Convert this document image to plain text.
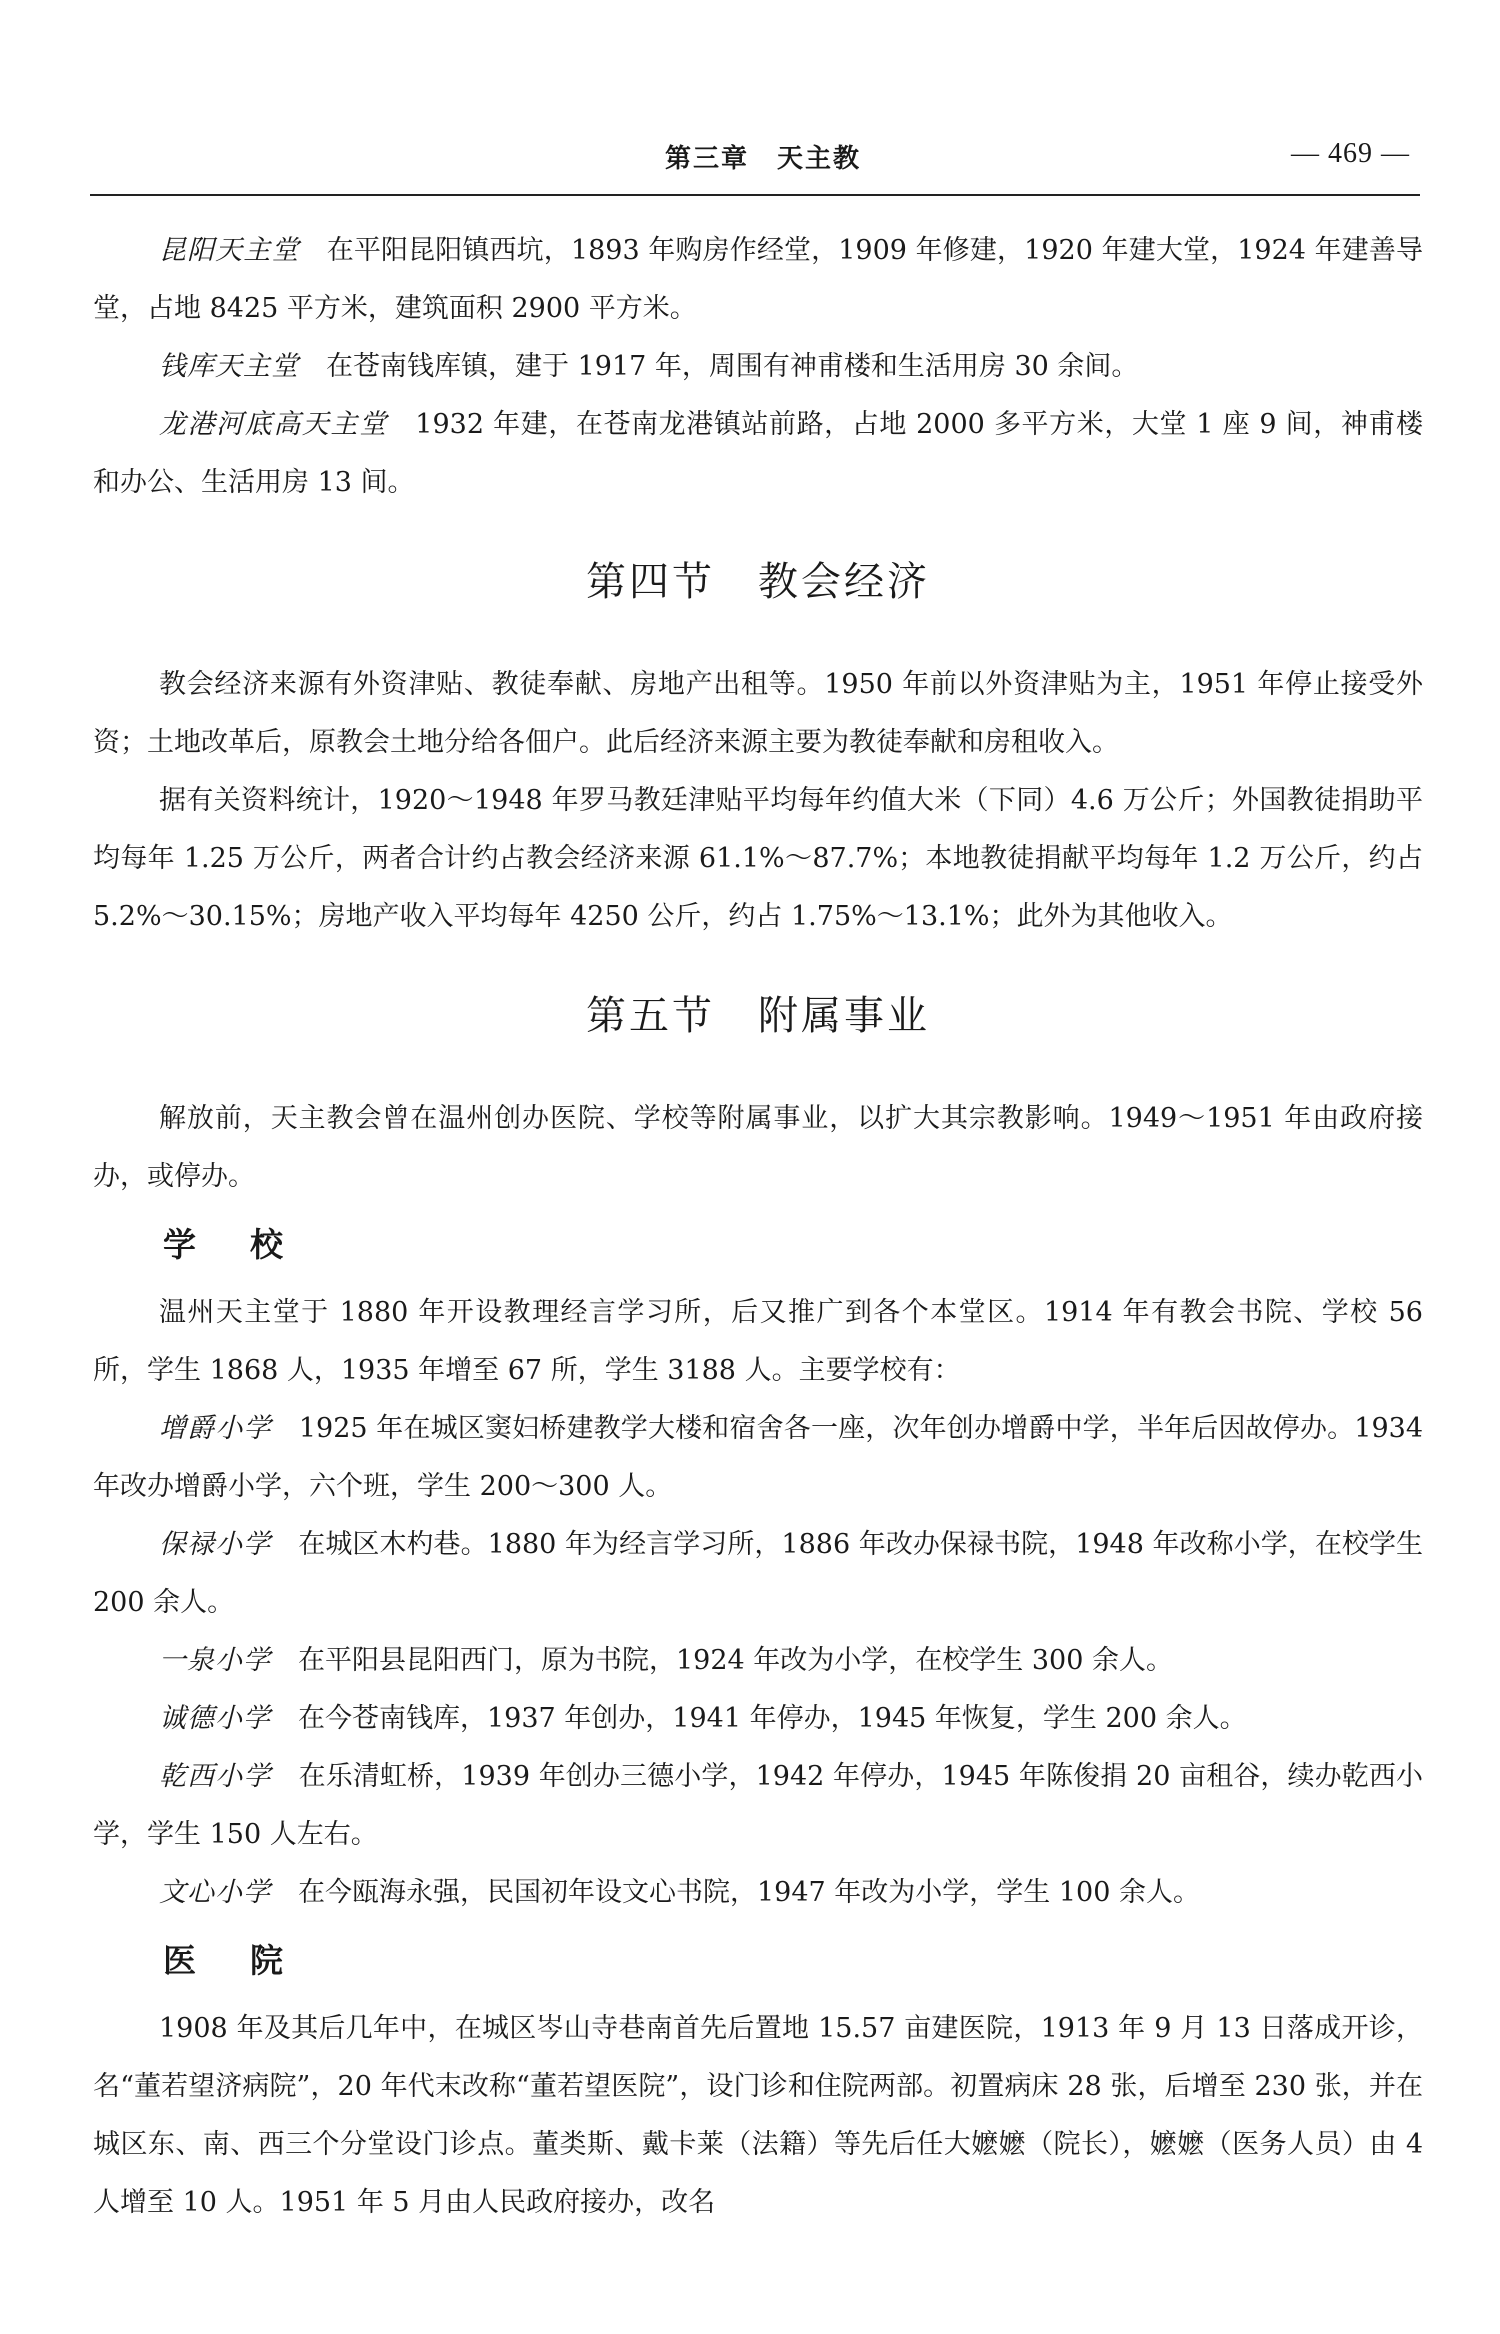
第三章　天主教	— 469 —

昆阳天主堂　 在平阳昆阳镇西坑，1893 年购房作经堂，1909 年修建，1920 年建大堂，1924 年建善导堂，占地 8425 平方米，建筑面积 2900 平方米。

钱库天主堂　 在苍南钱库镇，建于 1917 年，周围有神甫楼和生活用房 30 余间。

龙港河底高天主堂　 1932 年建，在苍南龙港镇站前路，占地 2000 多平方米，大堂 1 座 9 间，神甫楼和办公、生活用房 13 间。

第四节　教会经济

教会经济来源有外资津贴、教徒奉献、房地产出租等。1950 年前以外资津贴为主，1951 年停止接受外资；土地改革后，原教会土地分给各佃户。此后经济来源主要为教徒奉献和房租收入。

据有关资料统计，1920～1948 年罗马教廷津贴平均每年约值大米（下同）4.6 万公斤；外国教徒捐助平均每年 1.25 万公斤，两者合计约占教会经济来源 61.1%～87.7%；本地教徒捐献平均每年 1.2 万公斤，约占 5.2%～30.15%；房地产收入平均每年 4250 公斤，约占 1.75%～13.1%；此外为其他收入。

第五节　附属事业

解放前，天主教会曾在温州创办医院、学校等附属事业，以扩大其宗教影响。1949～1951 年由政府接办，或停办。

学校

温州天主堂于 1880 年开设教理经言学习所，后又推广到各个本堂区。1914 年有教会书院、学校 56 所，学生 1868 人，1935 年增至 67 所，学生 3188 人。主要学校有：

增爵小学　 1925 年在城区窦妇桥建教学大楼和宿舍各一座，次年创办增爵中学，半年后因故停办。1934 年改办增爵小学，六个班，学生 200～300 人。

保禄小学　 在城区木杓巷。1880 年为经言学习所，1886 年改办保禄书院，1948 年改称小学，在校学生 200 余人。

一泉小学　 在平阳县昆阳西门，原为书院，1924 年改为小学，在校学生 300 余人。

诚德小学　 在今苍南钱库，1937 年创办，1941 年停办，1945 年恢复，学生 200 余人。

乾西小学　 在乐清虹桥，1939 年创办三德小学，1942 年停办，1945 年陈俊捐 20 亩租谷，续办乾西小学，学生 150 人左右。

文心小学　 在今瓯海永强，民国初年设文心书院，1947 年改为小学，学生 100 余人。

医院

1908 年及其后几年中，在城区岑山寺巷南首先后置地 15.57 亩建医院，1913 年 9 月 13 日落成开诊，名“董若望济病院”，20 年代末改称“董若望医院”，设门诊和住院两部。初置病床 28 张，后增至 230 张，并在城区东、南、西三个分堂设门诊点。董类斯、戴卡莱（法籍）等先后任大嬷嬷（院长），嬷嬷（医务人员）由 4 人增至 10 人。1951 年 5 月由人民政府接办，改名
